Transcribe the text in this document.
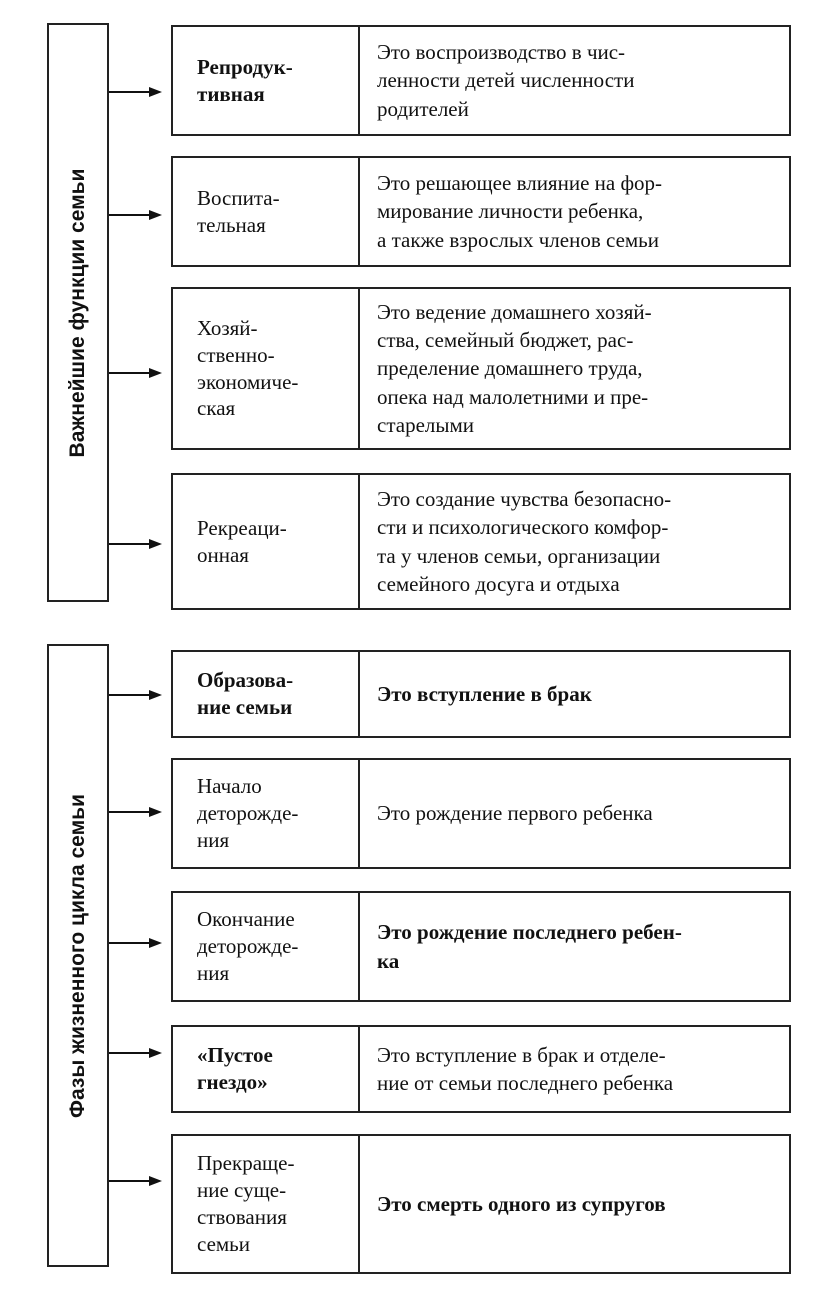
Важнейшие функции семьи
Репродук-
тивная
Это воспроизводство в чис-
ленности детей численности
родителей
Воспита-
тельная
Это решающее влияние на фор-
мирование личности ребенка,
а также взрослых членов семьи
Хозяй-
ственно-
экономиче-
ская
Это ведение домашнего хозяй-
ства, семейный бюджет, рас-
пределение домашнего труда,
опека над малолетними и пре-
старелыми
Рекреаци-
онная
Это создание чувства безопасно-
сти и психологического комфор-
та у членов семьи, организации
семейного досуга и отдыха
Фазы жизненного цикла семьи
Образова-
ние семьи
Это вступление в брак
Начало
деторожде-
ния
Это рождение первого ребенка
Окончание
деторожде-
ния
Это рождение последнего ребен-
ка
«Пустое
гнездо»
Это вступление в брак и отделе-
ние от семьи последнего ребенка
Прекраще-
ние суще-
ствования
семьи
Это смерть одного из супругов
